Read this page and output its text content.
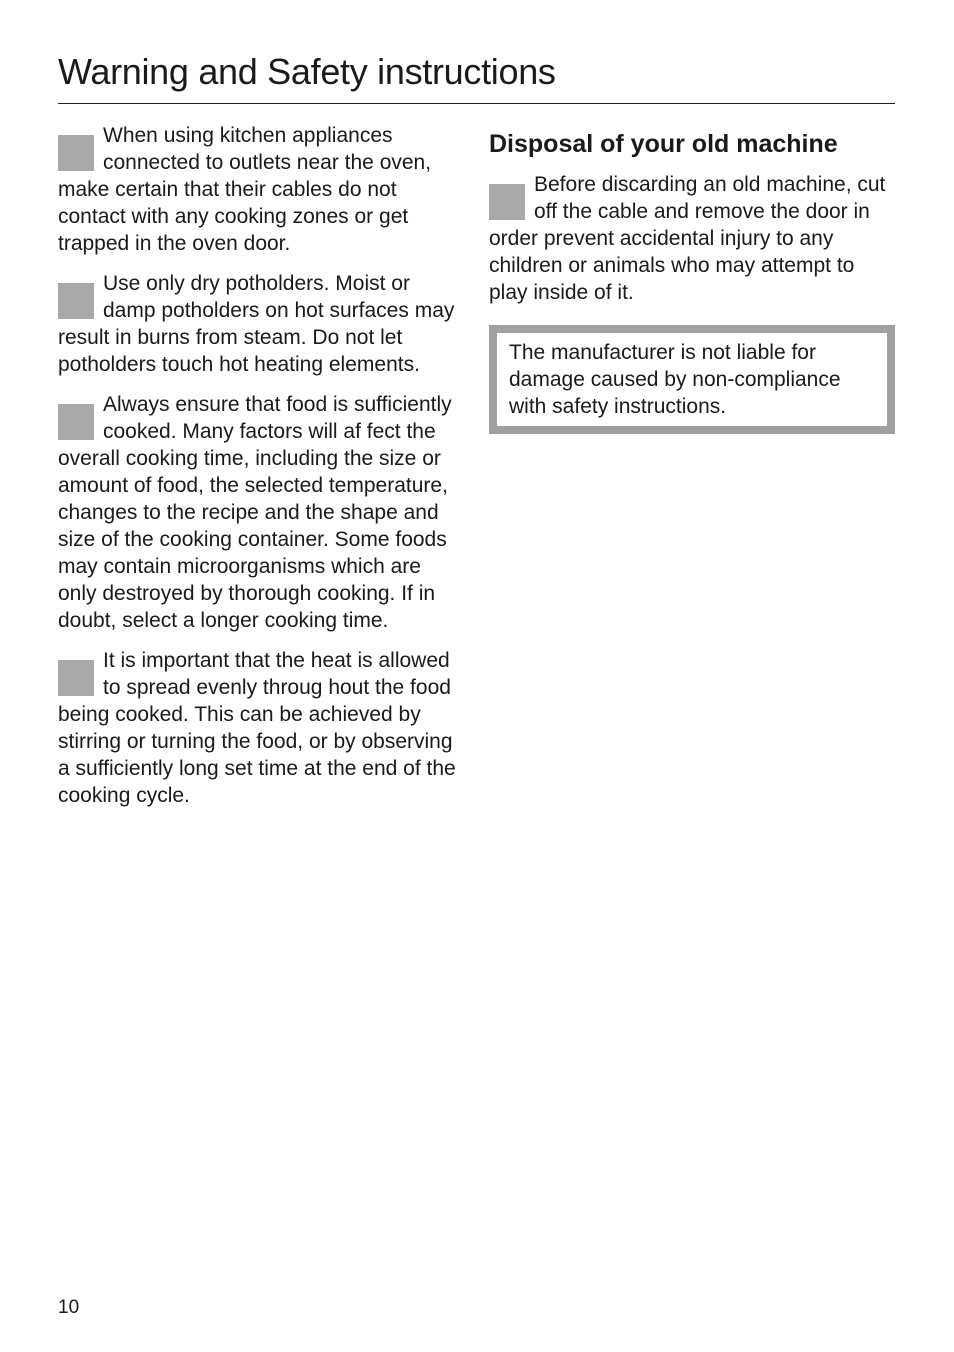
Warning and Safety instructions
When using kitchen appliances connected to outlets near the oven, make certain that their cables do not contact with any cooking zones or get trapped in the oven door.
Use only dry potholders. Moist or damp potholders on hot surfaces may result in burns from steam. Do not let potholders touch hot heating elements.
Always ensure that food is sufficiently cooked. Many factors will af fect the overall cooking time, including the size or amount of food, the selected temperature, changes to the recipe and the shape and size of the cooking container. Some foods may contain microorganisms which are only destroyed by thorough cooking. If in doubt, select a longer cooking time.
It is important that the heat is allowed to spread evenly throug hout the food being cooked. This can be achieved by stirring or turning the food, or by observing a sufficiently long set time at the end of the cooking cycle.
Disposal of your old machine
Before discarding an old machine, cut off the cable and remove the door in order prevent accidental injury to any children or animals who may attempt to play inside of it.
The manufacturer is not liable for damage caused by non-compliance with safety instructions.
10
